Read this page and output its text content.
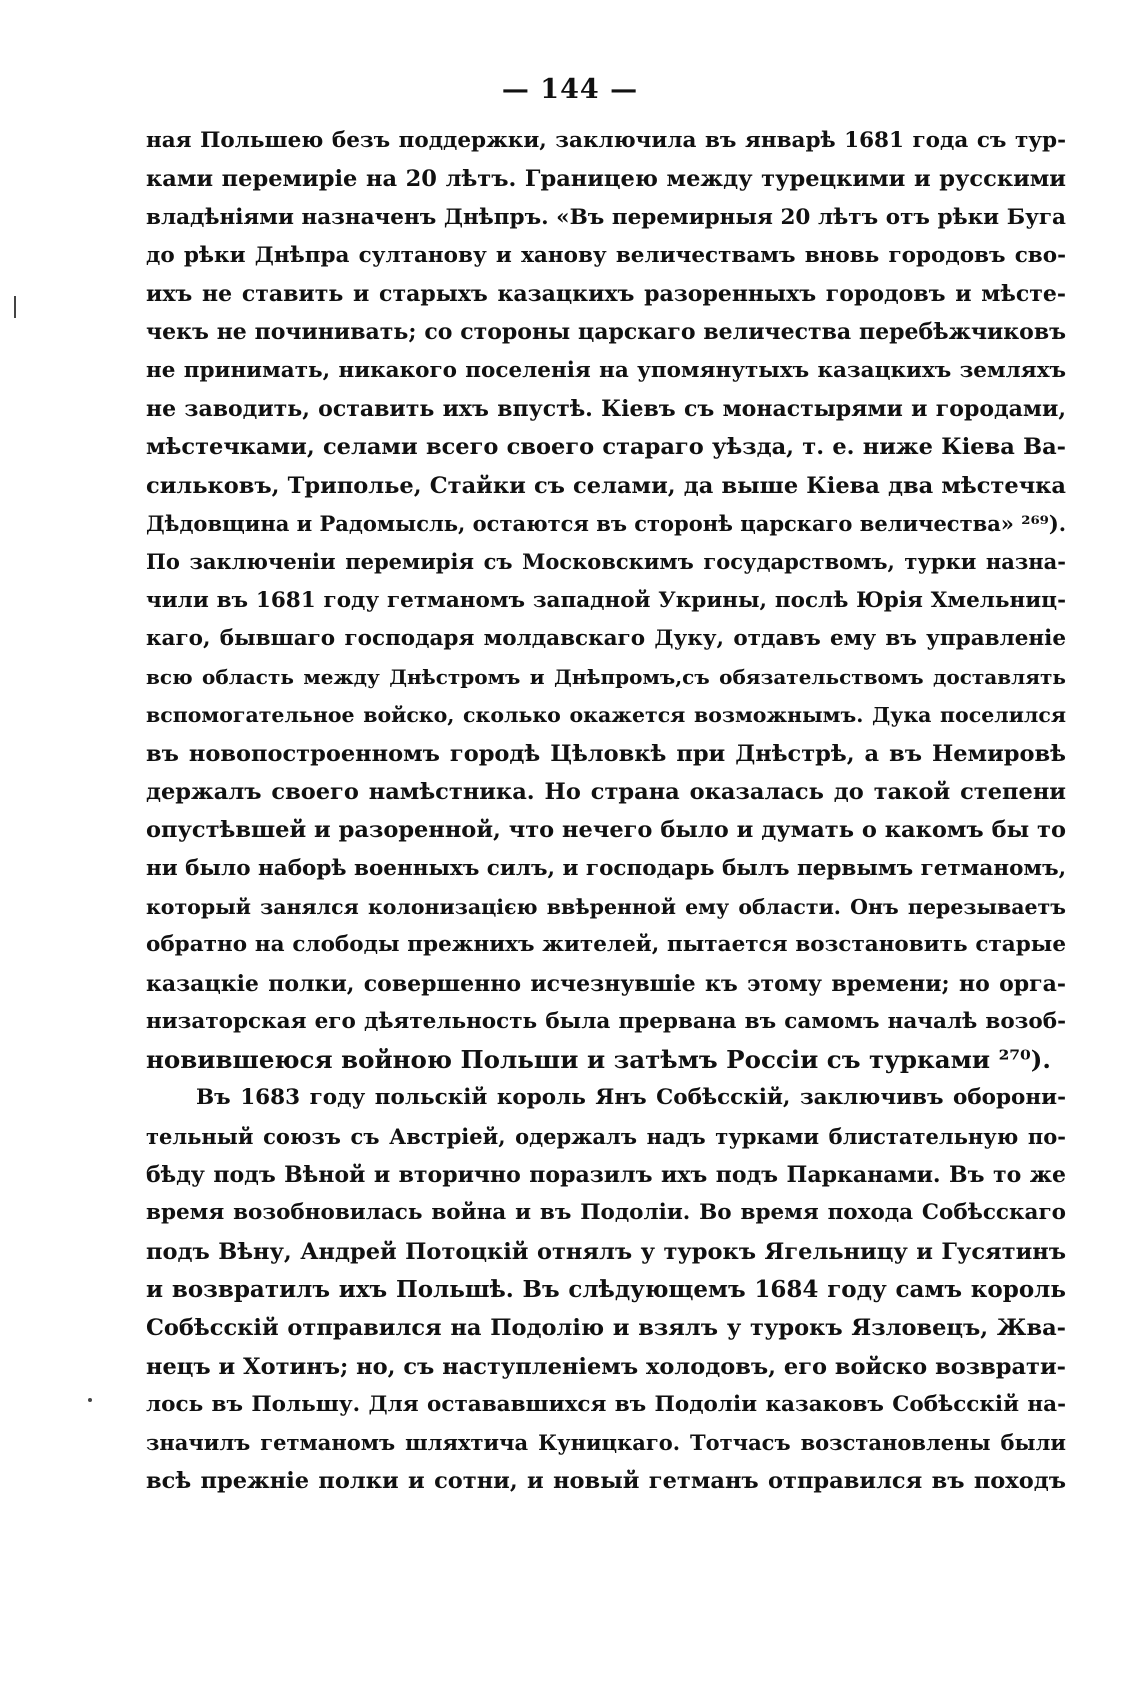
— 144 —
ная Польшею безъ поддержки, заключила въ январѣ 1681 года съ тур-
ками перемиріе на 20 лѣтъ. Границею между турецкими и русскими
владѣніями назначенъ Днѣпръ. «Въ перемирныя 20 лѣтъ отъ рѣки Буга
до рѣки Днѣпра султанову и ханову величествамъ вновь городовъ сво-
ихъ не ставить и старыхъ казацкихъ разоренныхъ городовъ и мѣсте-
чекъ не починивать; со стороны царскаго величества перебѣжчиковъ
не принимать, никакого поселенія на упомянутыхъ казацкихъ земляхъ
не заводить, оставить ихъ впустѣ. Кіевъ съ монастырями и городами,
мѣстечками, селами всего своего стараго уѣзда, т. е. ниже Кіева Ва-
сильковъ, Триполье, Стайки съ селами, да выше Кіева два мѣстечка
Дѣдовщина и Радомысль, остаются въ сторонѣ царскаго величества» ²⁶⁹).
По заключеніи перемирія съ Московскимъ государствомъ, турки назна-
чили въ 1681 году гетманомъ западной Укрины, послѣ Юрія Хмельниц-
каго, бывшаго господаря молдавскаго Дуку, отдавъ ему въ управленіе
всю область между Днѣстромъ и Днѣпромъ,съ обязательствомъ доставлять
вспомогательное войско, сколько окажется возможнымъ. Дука поселился
въ новопостроенномъ городѣ Цѣловкѣ при Днѣстрѣ, а въ Немировѣ
держалъ своего намѣстника. Но страна оказалась до такой степени
опустѣвшей и разоренной, что нечего было и думать о какомъ бы то
ни было наборѣ военныхъ силъ, и господарь былъ первымъ гетманомъ,
который занялся колонизацією ввѣренной ему области. Онъ перезываетъ
обратно на слободы прежнихъ жителей, пытается возстановить старые
казацкіе полки, совершенно исчезнувшіе къ этому времени; но орга-
низаторская его дѣятельность была прервана въ самомъ началѣ возоб-
новившеюся войною Польши и затѣмъ Россіи съ турками ²⁷⁰).
Въ 1683 году польскій король Янъ Собѣсскій, заключивъ оборони-
тельный союзъ съ Австріей, одержалъ надъ турками блистательную по-
бѣду подъ Вѣной и вторично поразилъ ихъ подъ Парканами. Въ то же
время возобновилась война и въ Подоліи. Во время похода Собѣсскаго
подъ Вѣну, Андрей Потоцкій отнялъ у турокъ Ягельницу и Гусятинъ
и возвратилъ ихъ Польшѣ. Въ слѣдующемъ 1684 году самъ король
Собѣсскій отправился на Подолію и взялъ у турокъ Язловецъ, Жва-
нецъ и Хотинъ; но, съ наступленіемъ холодовъ, его войско возврати-
лось въ Польшу. Для остававшихся въ Подоліи казаковъ Собѣсскій на-
значилъ гетманомъ шляхтича Куницкаго. Тотчасъ возстановлены были
всѣ прежніе полки и сотни, и новый гетманъ отправился въ походъ
